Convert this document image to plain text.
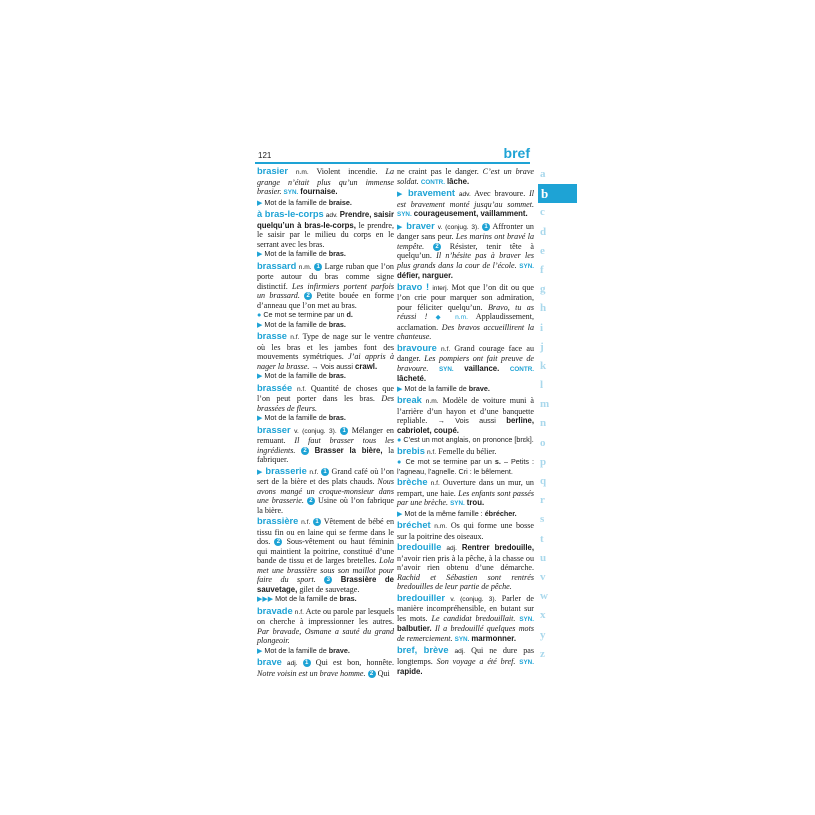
121	bref
brasier n.m. Violent incendie. La grange n’était plus qu’un immense brasier. SYN. fournaise.
▶ Mot de la famille de braise.
à bras-le-corps adv. Prendre, saisir quelqu’un à bras-le-corps, le prendre, le saisir par le milieu du corps en le serrant avec les bras.
▶ Mot de la famille de bras.
brassard n.m. 1 Large ruban que l’on porte autour du bras comme signe distinctif. Les infirmiers portent parfois un brassard. 2 Petite bouée en forme d’anneau que l’on met au bras.
● Ce mot se termine par un d.
▶ Mot de la famille de bras.
brasse n.f. Type de nage sur le ventre où les bras et les jambes font des mouvements symétriques. J’ai appris à nager la brasse. → Vois aussi crawl.
▶ Mot de la famille de bras.
brassée n.f. Quantité de choses que l’on peut porter dans les bras. Des brassées de fleurs.
▶ Mot de la famille de bras.
brasser v. (conjug. 3). 1 Mélanger en remuant. Il faut brasser tous les ingrédients. 2 Brasser la bière, la fabriquer.
▶ brasserie n.f. 1 Grand café où l’on sert de la bière et des plats chauds. Nous avons mangé un croque-monsieur dans une brasserie. 2 Usine où l’on fabrique la bière.
brassière n.f. 1 Vêtement de bébé en tissu fin ou en laine qui se ferme dans le dos. 2 Sous-vêtement ou haut féminin qui maintient la poitrine, constitué d’une bande de tissu et de larges bretelles. Lola met une brassière sous son maillot pour faire du sport. 3 Brassière de sauvetage, gilet de sauvetage.
▶▶▶ Mot de la famille de bras.
bravade n.f. Acte ou parole par lesquels on cherche à impressionner les autres. Par bravade, Osmane a sauté du grand plongeoir.
▶ Mot de la famille de brave.
brave adj. 1 Qui est bon, honnête. Notre voisin est un brave homme. 2 Qui
ne craint pas le danger. C’est un brave soldat. CONTR. lâche.
▶ bravement adv. Avec bravoure. Il est bravement monté jusqu’au sommet. SYN. courageusement, vaillamment.
▶ braver v. (conjug. 3). 1 Affronter un danger sans peur. Les marins ont bravé la tempête. 2 Résister, tenir tête à quelqu’un. Il n’hésite pas à braver les plus grands dans la cour de l’école. SYN. défier, narguer.
bravo ! interj. Mot que l’on dit ou que l’on crie pour marquer son admiration, pour féliciter quelqu’un. Bravo, tu as réussi ! ◆ n.m. Applaudissement, acclamation. Des bravos accueillirent la chanteuse.
bravoure n.f. Grand courage face au danger. Les pompiers ont fait preuve de bravoure. SYN. vaillance. CONTR. lâcheté.
▶ Mot de la famille de brave.
break n.m. Modèle de voiture muni à l’arrière d’un hayon et d’une banquette repliable. → Vois aussi berline, cabriolet, coupé.
● C’est un mot anglais, on prononce [brɛk].
brebis n.f. Femelle du bélier.
● Ce mot se termine par un s. – Petits : l’agneau, l’agnelle. Cri : le bêlement.
brèche n.f. Ouverture dans un mur, un rempart, une haie. Les enfants sont passés par une brèche. SYN. trou.
▶ Mot de la même famille : ébrécher.
bréchet n.m. Os qui forme une bosse sur la poitrine des oiseaux.
bredouille adj. Rentrer bredouille, n’avoir rien pris à la pêche, à la chasse ou n’avoir rien obtenu d’une démarche. Rachid et Sébastien sont rentrés bredouilles de leur partie de pêche.
bredouiller v. (conjug. 3). Parler de manière incompréhensible, en butant sur les mots. Le candidat bredouillait. SYN. balbutier. Il a bredouillé quelques mots de remerciement. SYN. marmonner.
bref, brève adj. Qui ne dure pas longtemps. Son voyage a été bref. SYN. rapide.
a
b
c
d
e
f
g
h
i
j
k
l
m
n
o
p
q
r
s
t
u
v
w
x
y
z
